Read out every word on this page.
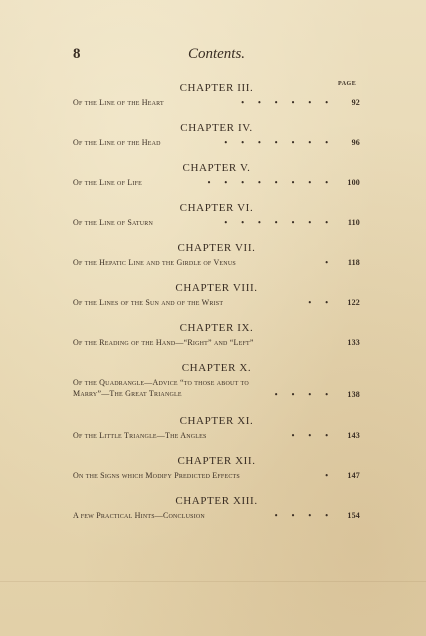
8	Contents.
PAGE
CHAPTER III.
Of the Line of the Heart	• • • • • • 92
CHAPTER IV.
Of the Line of the Head	• • • • • • • 96
CHAPTER V.
Of the Line of Life	• • • • • • • • 100
CHAPTER VI.
Of the Line of Saturn	• • • • • • • 110
CHAPTER VII.
Of the Hepatic Line and the Girdle of Venus	• 118
CHAPTER VIII.
Of the Lines of the Sun and of the Wrist	• • 122
CHAPTER IX.
Of the Reading of the Hand—“Right” and “Left”	133
CHAPTER X.
Of the Quadrangle—Advice “to those about to
Marry”—The Great Triangle	• • • • 138
CHAPTER XI.
Of the Little Triangle—The Angles	• • • 143
CHAPTER XII.
On the Signs which Modify Predicted Effects	• 147
CHAPTER XIII.
A few Practical Hints—Conclusion	• • • • 154
